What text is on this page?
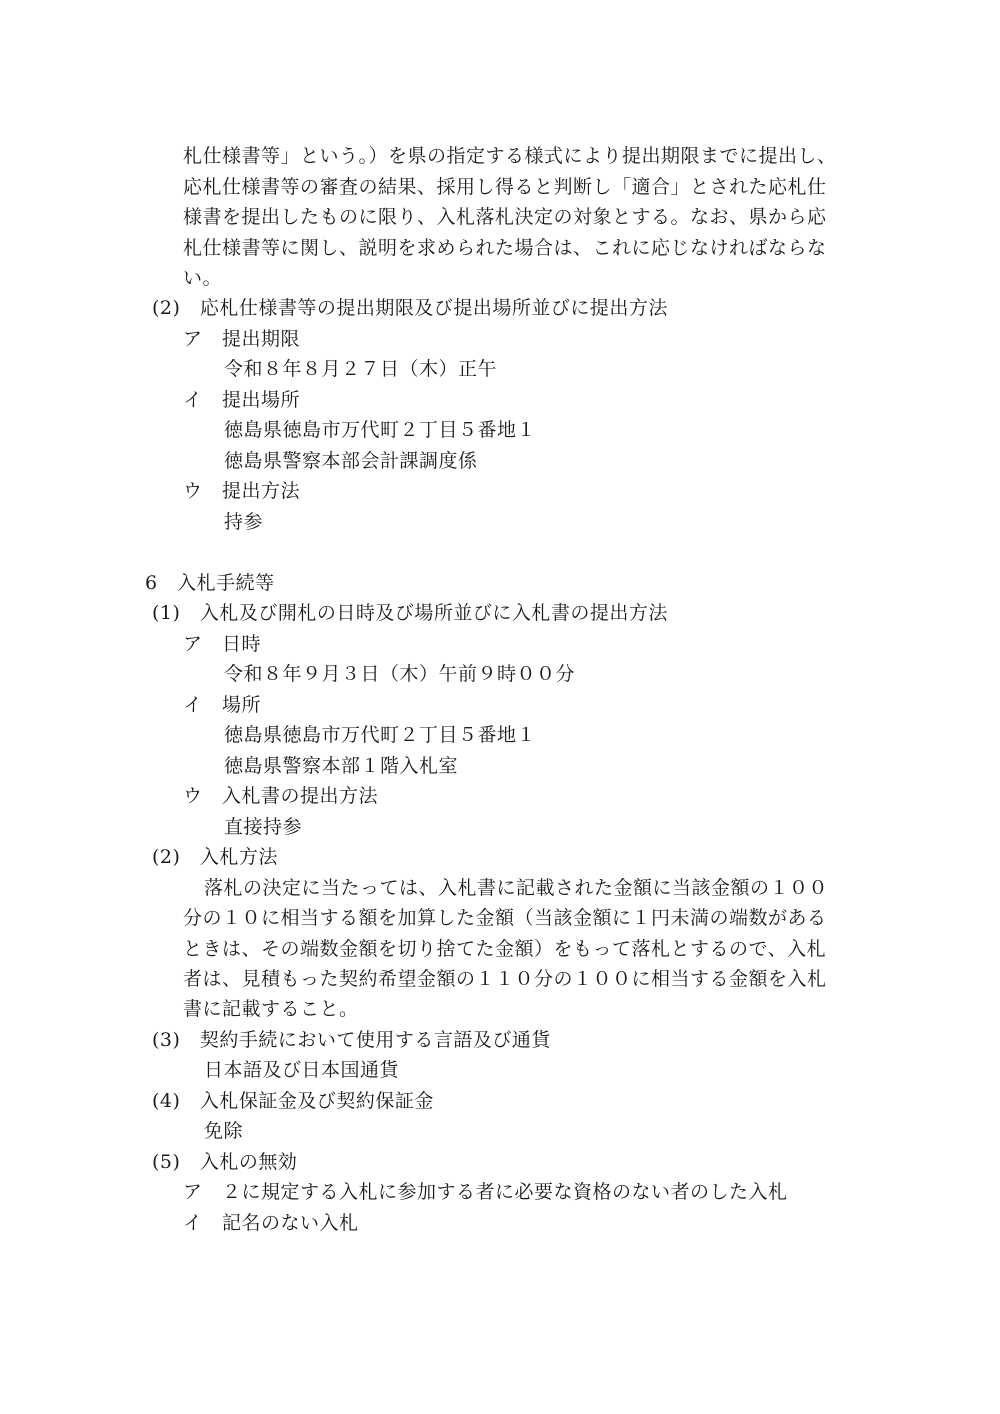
札仕様書等」という。）を県の指定する様式により提出期限までに提出し、
応札仕様書等の審査の結果、採用し得ると判断し「適合」とされた応札仕
様書を提出したものに限り、入札落札決定の対象とする。なお、県から応
札仕様書等に関し、説明を求められた場合は、これに応じなければならな
い。
(2)　応札仕様書等の提出期限及び提出場所並びに提出方法
ア　提出期限
令和８年８月２７日（木）正午
イ　提出場所
徳島県徳島市万代町２丁目５番地１
徳島県警察本部会計課調度係
ウ　提出方法
持参
6　入札手続等
(1)　入札及び開札の日時及び場所並びに入札書の提出方法
ア　日時
令和８年９月３日（木）午前９時００分
イ　場所
徳島県徳島市万代町２丁目５番地１
徳島県警察本部１階入札室
ウ　入札書の提出方法
直接持参
(2)　入札方法
落札の決定に当たっては、入札書に記載された金額に当該金額の１００
分の１０に相当する額を加算した金額（当該金額に１円未満の端数がある
ときは、その端数金額を切り捨てた金額）をもって落札とするので、入札
者は、見積もった契約希望金額の１１０分の１００に相当する金額を入札
書に記載すること。
(3)　契約手続において使用する言語及び通貨
日本語及び日本国通貨
(4)　入札保証金及び契約保証金
免除
(5)　入札の無効
ア　２に規定する入札に参加する者に必要な資格のない者のした入札
イ　記名のない入札
